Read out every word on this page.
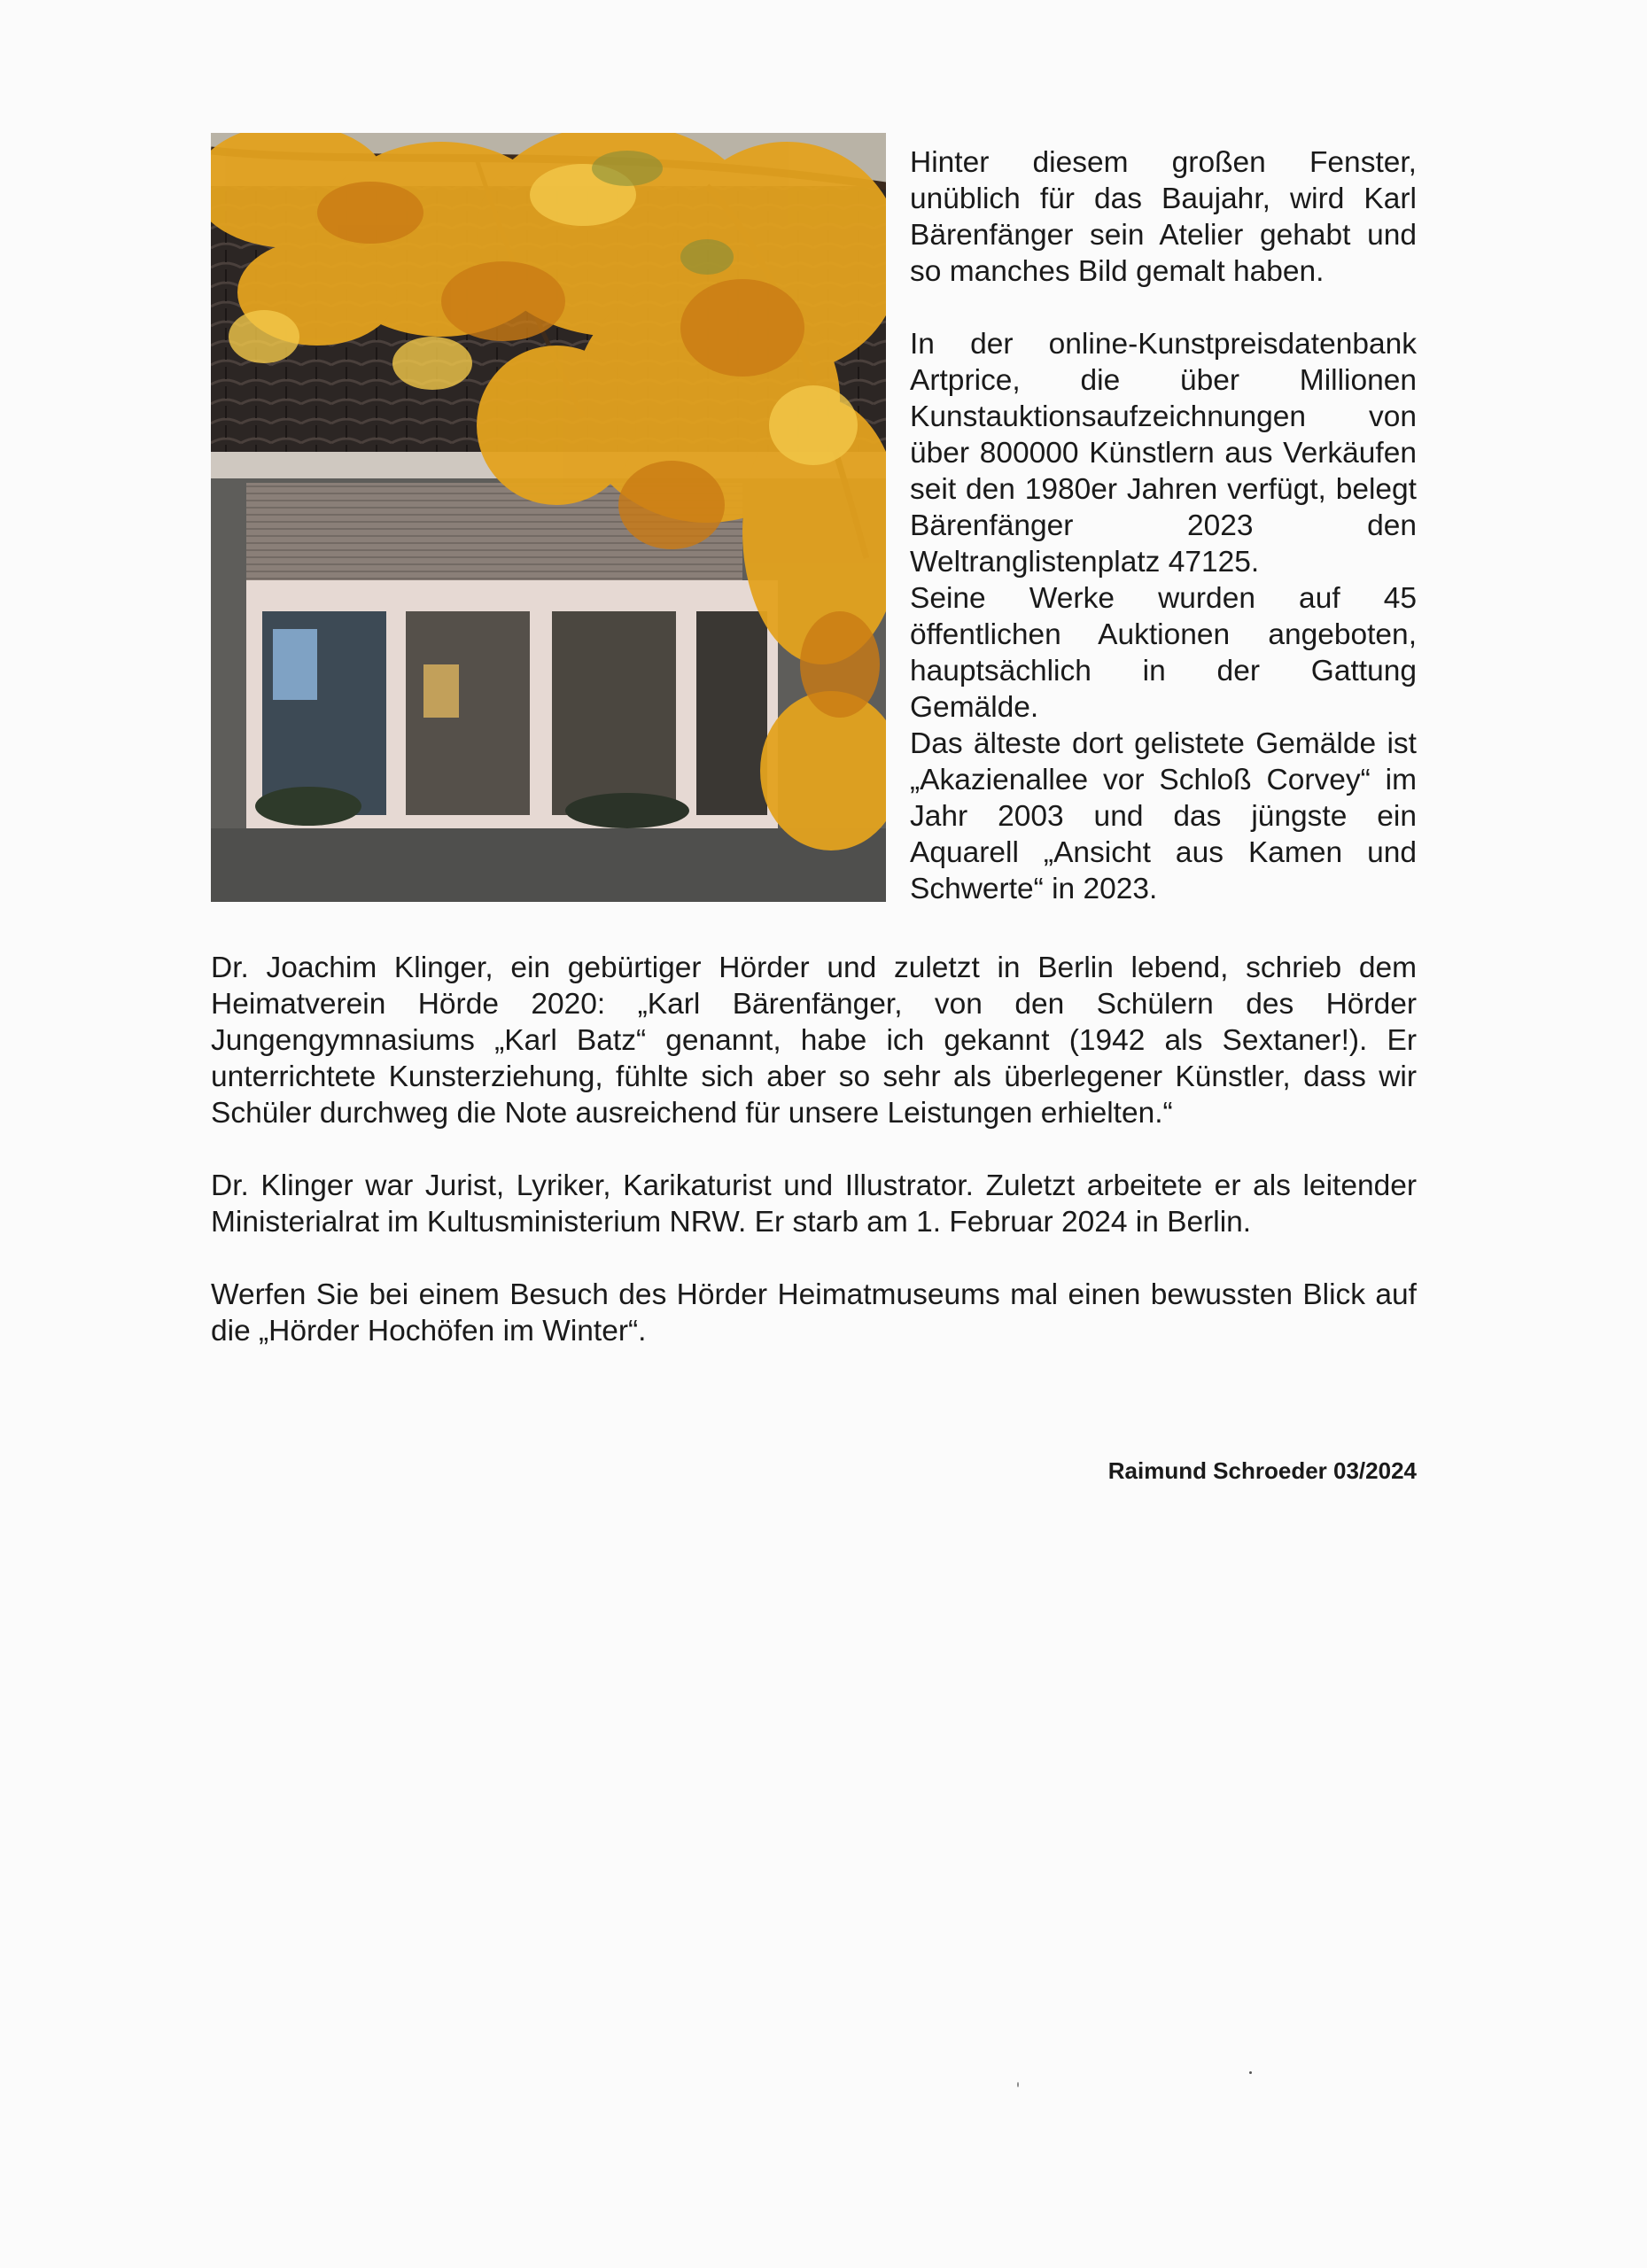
Hinter diesem großen Fenster, unüblich für das Baujahr, wird Karl Bärenfänger sein Atelier gehabt und so manches Bild gemalt haben.

In der online-Kunstpreisdatenbank Artprice, die über Millionen Kunstauktionsaufzeichnungen von über 800000 Künstlern aus Verkäufen seit den 1980er Jahren verfügt, belegt Bärenfänger 2023 den Weltranglistenplatz 47125.

Seine Werke wurden auf 45 öffentlichen Auktionen angeboten, hauptsächlich in der Gattung Gemälde.

Das älteste dort gelistete Gemälde ist „Akazienallee vor Schloß Corvey“ im Jahr 2003 und das jüngste ein Aquarell „Ansicht aus Kamen und Schwerte“ in 2023.

Dr. Joachim Klinger, ein gebürtiger Hörder und zuletzt in Berlin lebend, schrieb dem Heimatverein Hörde 2020: „Karl Bärenfänger, von den Schülern des Hörder Jungengymnasiums „Karl Batz“ genannt, habe ich gekannt (1942 als Sextaner!). Er unterrichtete Kunsterziehung, fühlte sich aber so sehr als überlegener Künstler, dass wir Schüler durchweg die Note ausreichend für unsere Leistungen erhielten.“

Dr. Klinger war Jurist, Lyriker, Karikaturist und Illustrator. Zuletzt arbeitete er als leitender Ministerialrat im Kultusministerium NRW. Er starb am 1. Februar 2024 in Berlin.

Werfen Sie bei einem Besuch des Hörder Heimatmuseums mal einen bewussten Blick auf die „Hörder Hochöfen im Winter“.

Raimund Schroeder 03/2024
